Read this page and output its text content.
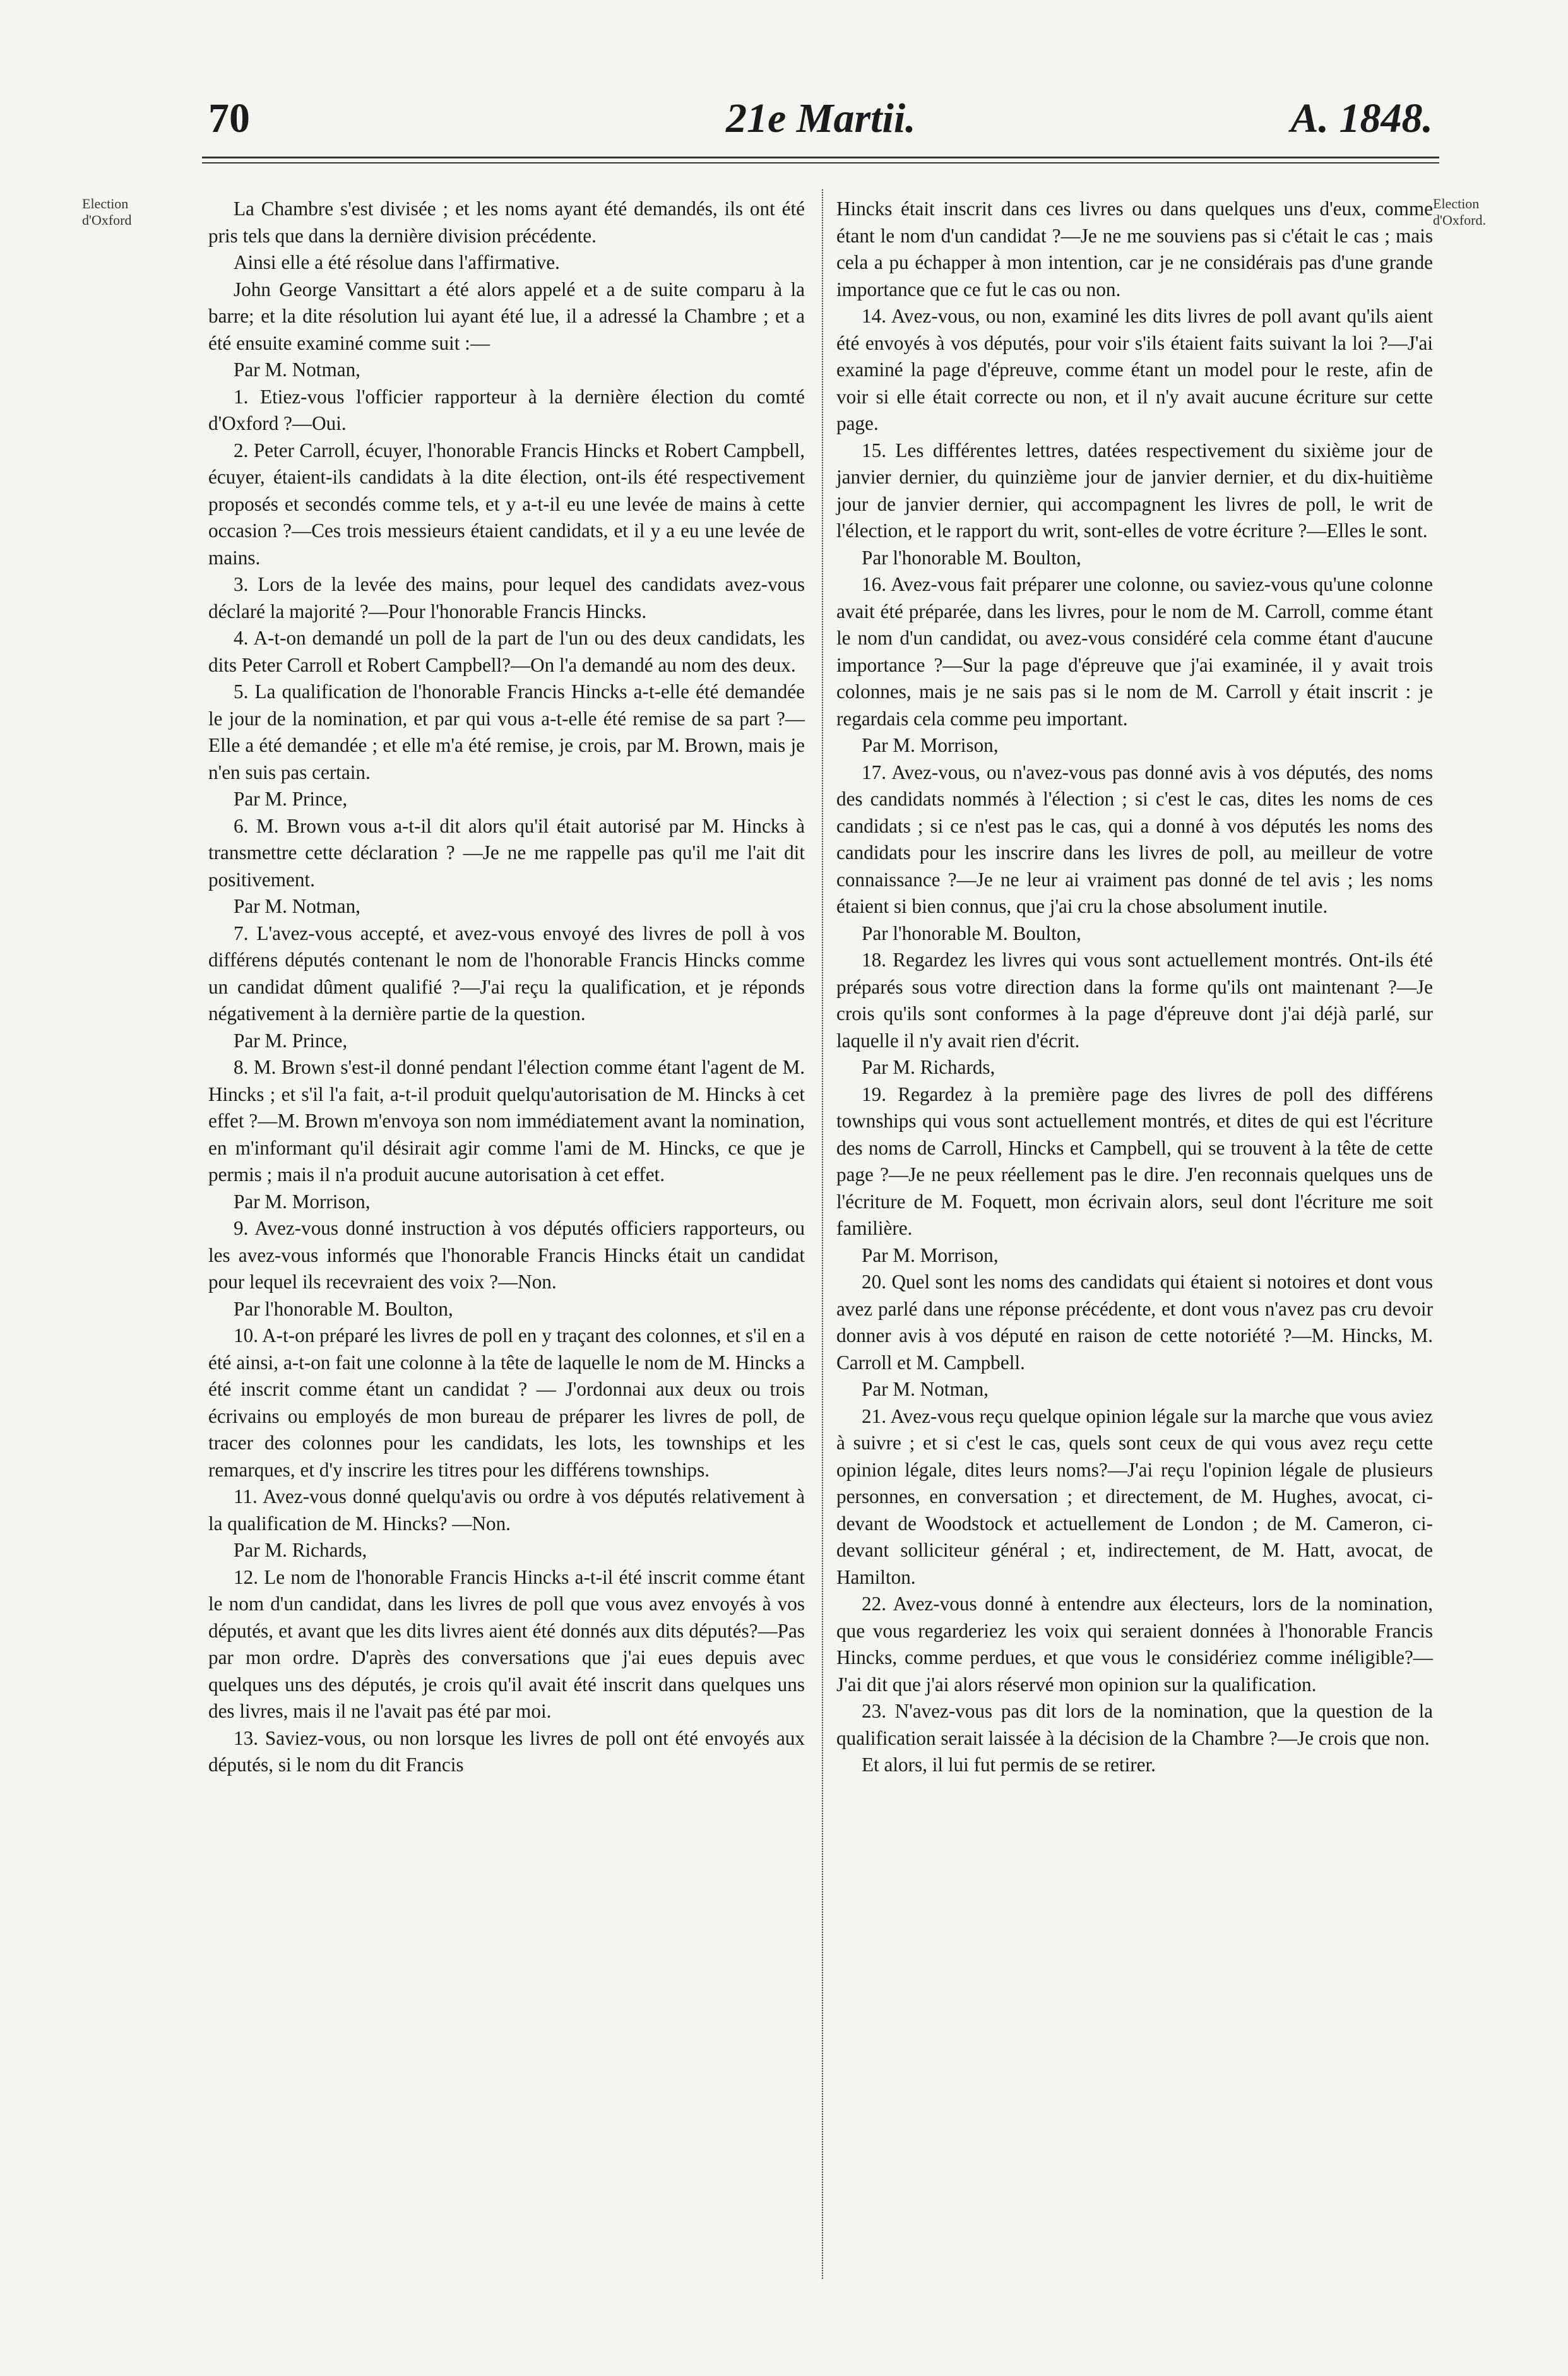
70	21e Martii.	A. 1848.
Election d'Oxford
Election d'Oxford.

La Chambre s'est divisée ; et les noms ayant été demandés, ils ont été pris tels que dans la dernière division précédente.

Ainsi elle a été résolue dans l'affirmative.

John George Vansittart a été alors appelé et a de suite comparu à la barre; et la dite résolution lui ayant été lue, il a adressé la Chambre ; et a été ensuite examiné comme suit :—

Par M. Notman,

1. Etiez-vous l'officier rapporteur à la dernière élection du comté d'Oxford ?—Oui.

2. Peter Carroll, écuyer, l'honorable Francis Hincks et Robert Campbell, écuyer, étaient-ils candidats à la dite élection, ont-ils été respectivement proposés et secondés comme tels, et y a-t-il eu une levée de mains à cette occasion ?—Ces trois messieurs étaient candidats, et il y a eu une levée de mains.

3. Lors de la levée des mains, pour lequel des candidats avez-vous déclaré la majorité ?—Pour l'honorable Francis Hincks.

4. A-t-on demandé un poll de la part de l'un ou des deux candidats, les dits Peter Carroll et Robert Campbell?—On l'a demandé au nom des deux.

5. La qualification de l'honorable Francis Hincks a-t-elle été demandée le jour de la nomination, et par qui vous a-t-elle été remise de sa part ?—Elle a été demandée ; et elle m'a été remise, je crois, par M. Brown, mais je n'en suis pas certain.

Par M. Prince,

6. M. Brown vous a-t-il dit alors qu'il était autorisé par M. Hincks à transmettre cette déclaration ? —Je ne me rappelle pas qu'il me l'ait dit positivement.

Par M. Notman,

7. L'avez-vous accepté, et avez-vous envoyé des livres de poll à vos différens députés contenant le nom de l'honorable Francis Hincks comme un candidat dûment qualifié ?—J'ai reçu la qualification, et je réponds négativement à la dernière partie de la question.

Par M. Prince,

8. M. Brown s'est-il donné pendant l'élection comme étant l'agent de M. Hincks ; et s'il l'a fait, a-t-il produit quelqu'autorisation de M. Hincks à cet effet ?—M. Brown m'envoya son nom immédiatement avant la nomination, en m'informant qu'il désirait agir comme l'ami de M. Hincks, ce que je permis ; mais il n'a produit aucune autorisation à cet effet.

Par M. Morrison,

9. Avez-vous donné instruction à vos députés officiers rapporteurs, ou les avez-vous informés que l'honorable Francis Hincks était un candidat pour lequel ils recevraient des voix ?—Non.

Par l'honorable M. Boulton,

10. A-t-on préparé les livres de poll en y traçant des colonnes, et s'il en a été ainsi, a-t-on fait une colonne à la tête de laquelle le nom de M. Hincks a été inscrit comme étant un candidat ? — J'ordonnai aux deux ou trois écrivains ou employés de mon bureau de préparer les livres de poll, de tracer des colonnes pour les candidats, les lots, les townships et les remarques, et d'y inscrire les titres pour les différens townships.

11. Avez-vous donné quelqu'avis ou ordre à vos députés relativement à la qualification de M. Hincks? —Non.

Par M. Richards,

12. Le nom de l'honorable Francis Hincks a-t-il été inscrit comme étant le nom d'un candidat, dans les livres de poll que vous avez envoyés à vos députés, et avant que les dits livres aient été donnés aux dits députés?—Pas par mon ordre. D'après des conversations que j'ai eues depuis avec quelques uns des députés, je crois qu'il avait été inscrit dans quelques uns des livres, mais il ne l'avait pas été par moi.

13. Saviez-vous, ou non lorsque les livres de poll ont été envoyés aux députés, si le nom du dit Francis

Hincks était inscrit dans ces livres ou dans quelques uns d'eux, comme étant le nom d'un candidat ?—Je ne me souviens pas si c'était le cas ; mais cela a pu échapper à mon intention, car je ne considérais pas d'une grande importance que ce fut le cas ou non.

14. Avez-vous, ou non, examiné les dits livres de poll avant qu'ils aient été envoyés à vos députés, pour voir s'ils étaient faits suivant la loi ?—J'ai examiné la page d'épreuve, comme étant un model pour le reste, afin de voir si elle était correcte ou non, et il n'y avait aucune écriture sur cette page.

15. Les différentes lettres, datées respectivement du sixième jour de janvier dernier, du quinzième jour de janvier dernier, et du dix-huitième jour de janvier dernier, qui accompagnent les livres de poll, le writ de l'élection, et le rapport du writ, sont-elles de votre écriture ?—Elles le sont.

Par l'honorable M. Boulton,

16. Avez-vous fait préparer une colonne, ou saviez-vous qu'une colonne avait été préparée, dans les livres, pour le nom de M. Carroll, comme étant le nom d'un candidat, ou avez-vous considéré cela comme étant d'aucune importance ?—Sur la page d'épreuve que j'ai examinée, il y avait trois colonnes, mais je ne sais pas si le nom de M. Carroll y était inscrit : je regardais cela comme peu important.

Par M. Morrison,

17. Avez-vous, ou n'avez-vous pas donné avis à vos députés, des noms des candidats nommés à l'élection ; si c'est le cas, dites les noms de ces candidats ; si ce n'est pas le cas, qui a donné à vos députés les noms des candidats pour les inscrire dans les livres de poll, au meilleur de votre connaissance ?—Je ne leur ai vraiment pas donné de tel avis ; les noms étaient si bien connus, que j'ai cru la chose absolument inutile.

Par l'honorable M. Boulton,

18. Regardez les livres qui vous sont actuellement montrés. Ont-ils été préparés sous votre direction dans la forme qu'ils ont maintenant ?—Je crois qu'ils sont conformes à la page d'épreuve dont j'ai déjà parlé, sur laquelle il n'y avait rien d'écrit.

Par M. Richards,

19. Regardez à la première page des livres de poll des différens townships qui vous sont actuellement montrés, et dites de qui est l'écriture des noms de Carroll, Hincks et Campbell, qui se trouvent à la tête de cette page ?—Je ne peux réellement pas le dire. J'en reconnais quelques uns de l'écriture de M. Foquett, mon écrivain alors, seul dont l'écriture me soit familière.

Par M. Morrison,

20. Quel sont les noms des candidats qui étaient si notoires et dont vous avez parlé dans une réponse précédente, et dont vous n'avez pas cru devoir donner avis à vos député en raison de cette notoriété ?—M. Hincks, M. Carroll et M. Campbell.

Par M. Notman,

21. Avez-vous reçu quelque opinion légale sur la marche que vous aviez à suivre ; et si c'est le cas, quels sont ceux de qui vous avez reçu cette opinion légale, dites leurs noms?—J'ai reçu l'opinion légale de plusieurs personnes, en conversation ; et directement, de M. Hughes, avocat, ci-devant de Woodstock et actuellement de London ; de M. Cameron, ci-devant solliciteur général ; et, indirectement, de M. Hatt, avocat, de Hamilton.

22. Avez-vous donné à entendre aux électeurs, lors de la nomination, que vous regarderiez les voix qui seraient données à l'honorable Francis Hincks, comme perdues, et que vous le considériez comme inéligible?—J'ai dit que j'ai alors réservé mon opinion sur la qualification.

23. N'avez-vous pas dit lors de la nomination, que la question de la qualification serait laissée à la décision de la Chambre ?—Je crois que non.

Et alors, il lui fut permis de se retirer.
